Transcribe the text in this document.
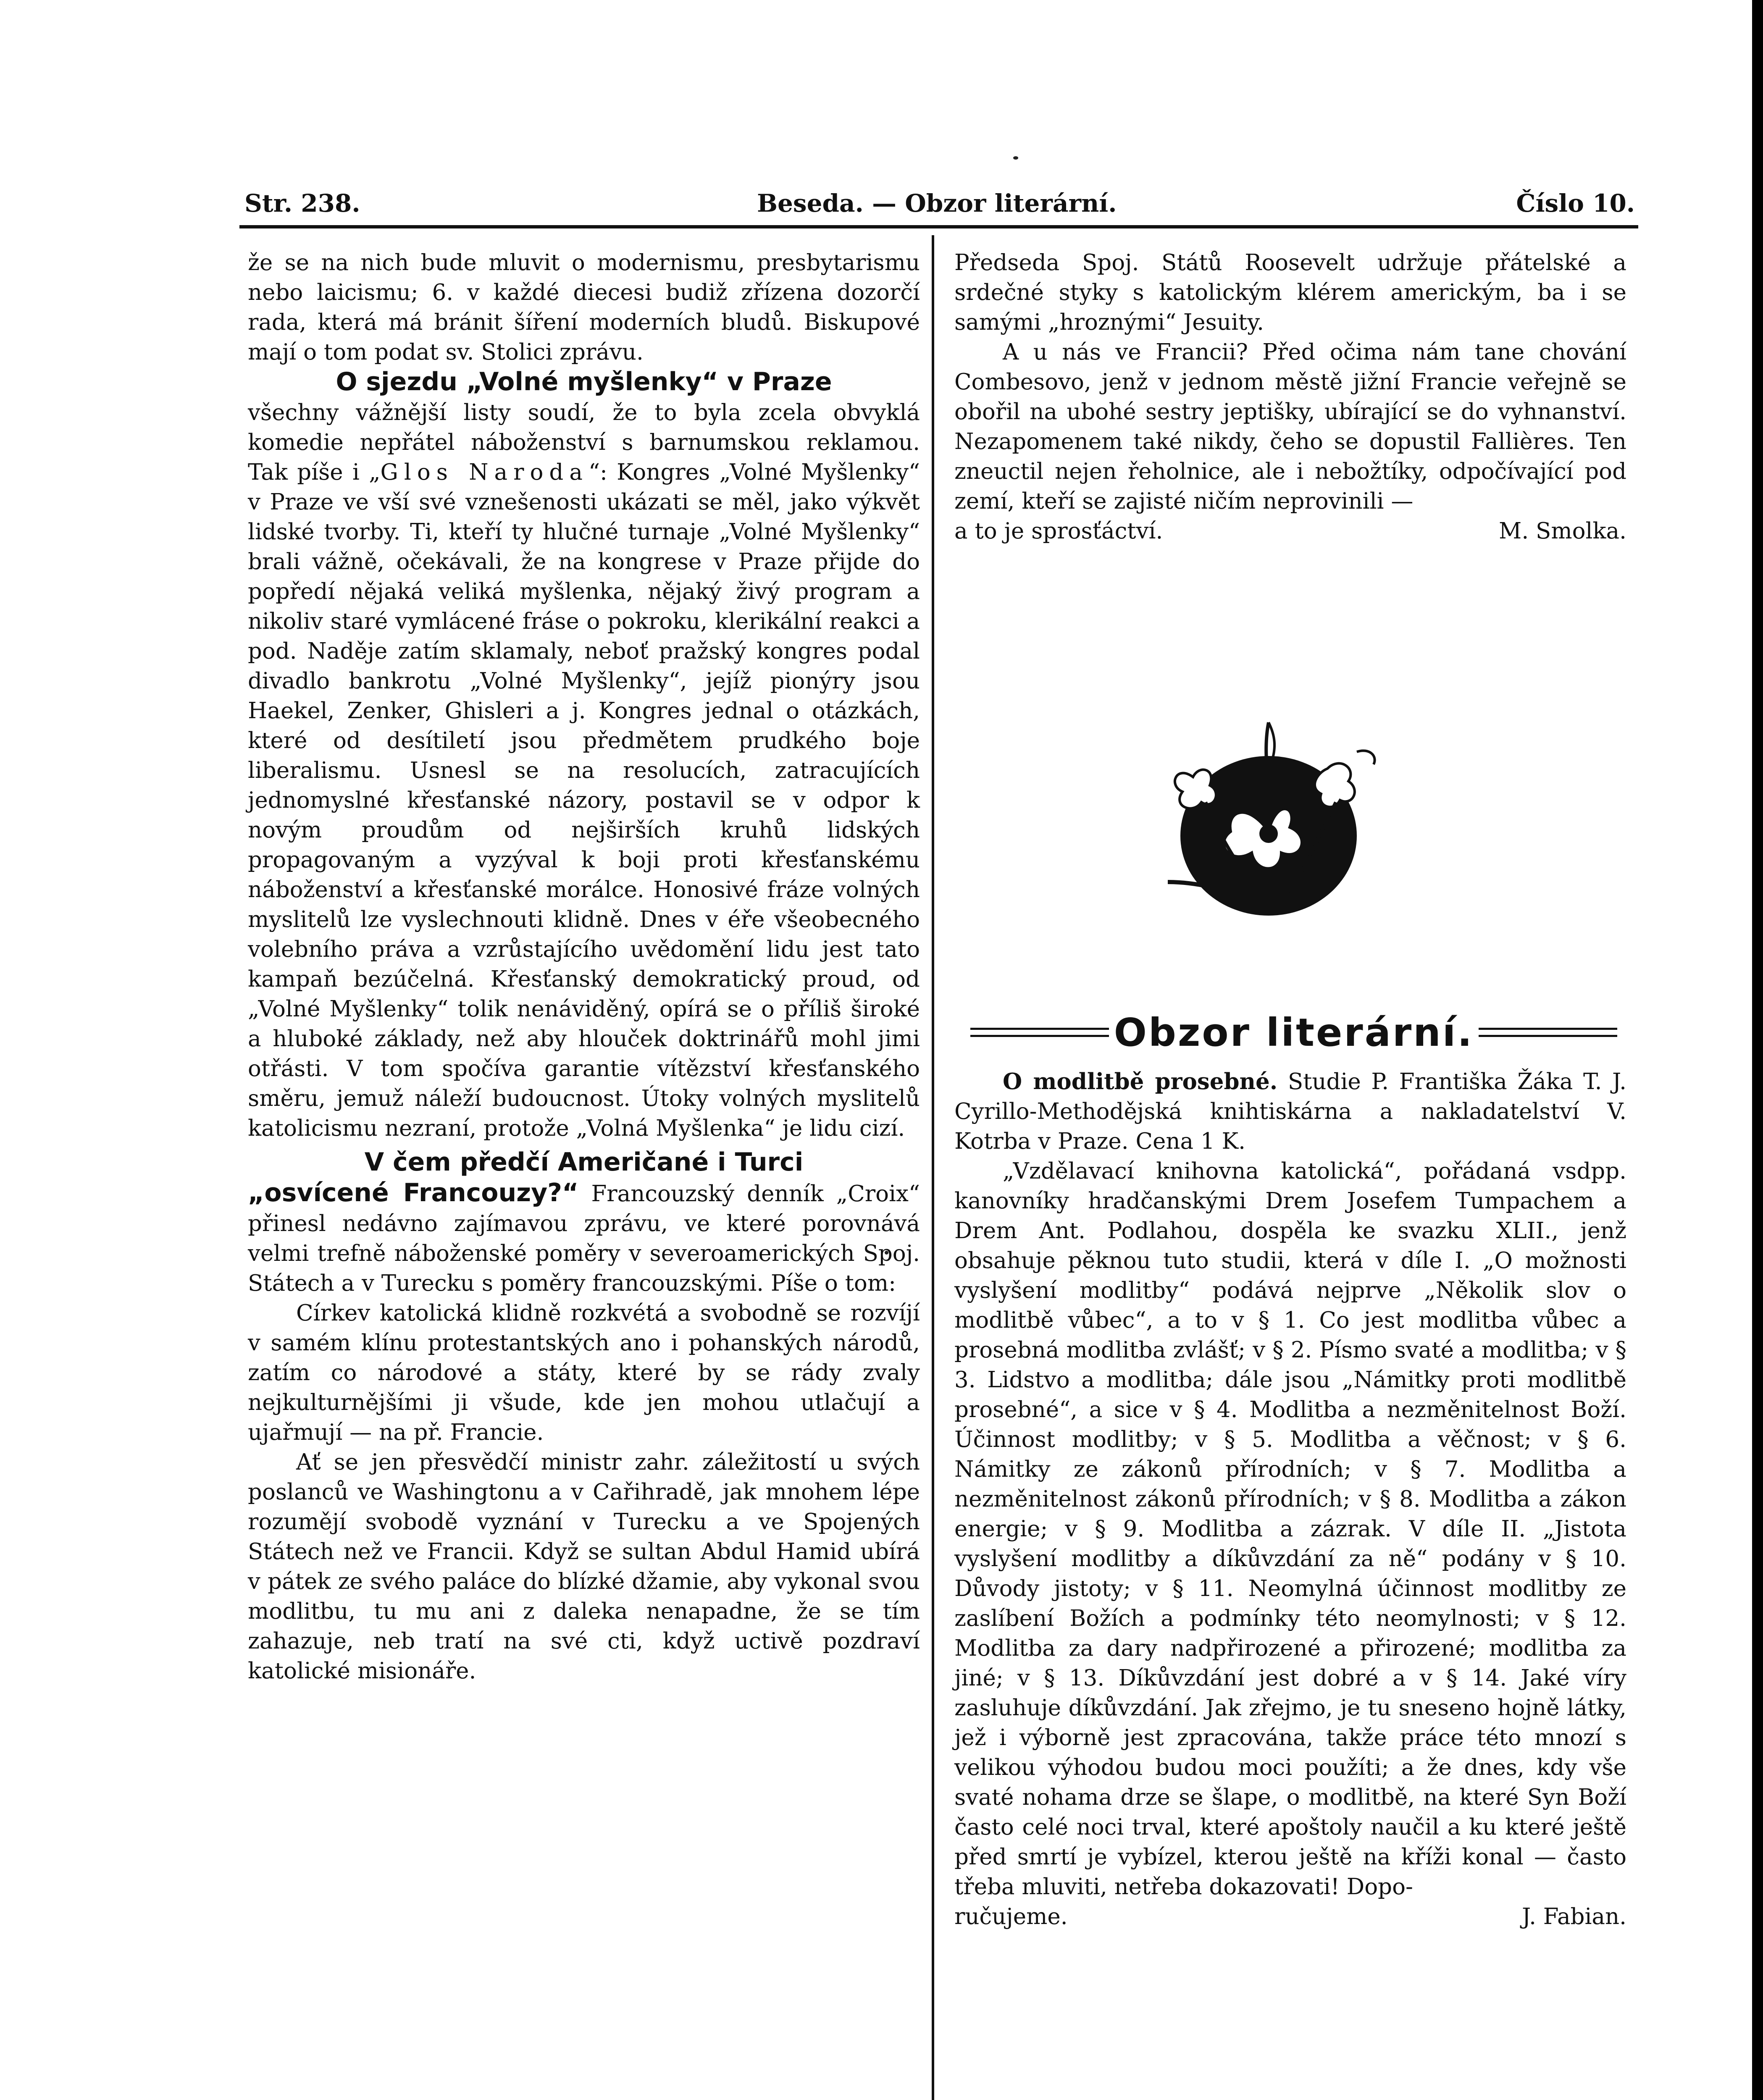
Str. 238.	Beseda. — Obzor literární.	Číslo 10.

že se na nich bude mluvit o modernismu, presbytarismu nebo laicismu; 6. v každé diecesi budiž zřízena dozorčí rada, která má bránit šíření moderních bludů. Biskupové mají o tom podat sv. Stolici zprávu.

O sjezdu „Volné myšlenky“ v Praze

všechny vážnější listy soudí, že to byla zcela obvyklá komedie nepřátel náboženství s barnumskou reklamou. Tak píše i „Glos Naroda“: Kongres „Volné Myšlenky“ v Praze ve vší své vznešenosti ukázati se měl, jako výkvět lidské tvorby. Ti, kteří ty hlučné turnaje „Volné Myšlenky“ brali vážně, očekávali, že na kongrese v Praze přijde do popředí nějaká veliká myšlenka, nějaký živý program a nikoliv staré vymlácené fráse o pokroku, klerikální reakci a pod. Naděje zatím sklamaly, neboť pražský kongres podal divadlo bankrotu „Volné Myšlenky“, jejíž pionýry jsou Haekel, Zenker, Ghisleri a j. Kongres jednal o otázkách, které od desítiletí jsou předmětem prudkého boje liberalismu. Usnesl se na resolucích, zatracujících jednomyslné křesťanské názory, postavil se v odpor k novým proudům od nejširších kruhů lidských propagovaným a vyzýval k boji proti křesťanskému náboženství a křesťanské morálce. Honosivé fráze volných myslitelů lze vyslechnouti klidně. Dnes v éře všeobecného volebního práva a vzrůstajícího uvědomění lidu jest tato kampaň bezúčelná. Křesťanský demokratický proud, od „Volné Myšlenky“ tolik nenáviděný, opírá se o příliš široké a hluboké základy, než aby hlouček doktrinářů mohl jimi otřásti. V tom spočíva garantie vítězství křesťanského směru, jemuž náleží budoucnost. Útoky volných myslitelů katolicismu nezraní, protože „Volná Myšlenka“ je lidu cizí.

V čem předčí Američané i Turci

„osvícené Francouzy?“ Francouzský denník „Croix“ přinesl nedávno zajímavou zprávu, ve které porovnává velmi trefně náboženské poměry v severoamerických Spoj. Státech a v Turecku s poměry francouzskými. Píše o tom:

Církev katolická klidně rozkvétá a svobodně se rozvíjí v samém klínu protestantských ano i pohanských národů, zatím co národové a státy, které by se rády zvaly nejkulturnějšími ji všude, kde jen mohou utlačují a ujařmují — na př. Francie.

Ať se jen přesvědčí ministr zahr. záležitostí u svých poslanců ve Washingtonu a v Cařihradě, jak mnohem lépe rozumějí svobodě vyznání v Turecku a ve Spojených Státech než ve Francii. Když se sultan Abdul Hamid ubírá v pátek ze svého paláce do blízké džamie, aby vykonal svou modlitbu, tu mu ani z daleka nenapadne, že se tím zahazuje, neb tratí na své cti, když uctivě pozdraví katolické misionáře.

Předseda Spoj. Států Roosevelt udržuje přátelské a srdečné styky s katolickým klérem americkým, ba i se samými „hroznými“ Jesuity.

A u nás ve Francii? Před očima nám tane chování Combesovo, jenž v jednom městě jižní Francie veřejně se obořil na ubohé sestry jeptišky, ubírající se do vyhnanství. Nezapomenem také nikdy, čeho se dopustil Fallières. Ten zneuctil nejen řeholnice, ale i nebožtíky, odpočívající pod zemí, kteří se zajisté ničím neprovinili —

a to je sprosťáctví.	M. Smolka.

Obzor literární.

O modlitbě prosebné. Studie P. Františka Žáka T. J. Cyrillo-Methodějská knihtiskárna a nakladatelství V. Kotrba v Praze. Cena 1 K.

„Vzdělavací knihovna katolická“, pořádaná vsdpp. kanovníky hradčanskými Drem Josefem Tumpachem a Drem Ant. Podlahou, dospěla ke svazku XLII., jenž obsahuje pěknou tuto studii, která v díle I. „O možnosti vyslyšení modlitby“ podává nejprve „Několik slov o modlitbě vůbec“, a to v § 1. Co jest modlitba vůbec a prosebná modlitba zvlášť; v § 2. Písmo svaté a modlitba; v § 3. Lidstvo a modlitba; dále jsou „Námitky proti modlitbě prosebné“, a sice v § 4. Modlitba a nezměnitelnost Boží. Účinnost modlitby; v § 5. Modlitba a věčnost; v § 6. Námitky ze zákonů přírodních; v § 7. Modlitba a nezměnitelnost zákonů přírodních; v § 8. Modlitba a zákon energie; v § 9. Modlitba a zázrak. V díle II. „Jistota vyslyšení modlitby a díkůvzdání za ně“ podány v § 10. Důvody jistoty; v § 11. Neomylná účinnost modlitby ze zaslíbení Božích a podmínky této neomylnosti; v § 12. Modlitba za dary nadpřirozené a přirozené; modlitba za jiné; v § 13. Díkůvzdání jest dobré a v § 14. Jaké víry zasluhuje díkůvzdání. Jak zřejmo, je tu sneseno hojně látky, jež i výborně jest zpracována, takže práce této mnozí s velikou výhodou budou moci použíti; a že dnes, kdy vše svaté nohama drze se šlape, o modlitbě, na které Syn Boží často celé noci trval, které apoštoly naučil a ku které ještě před smrtí je vybízel, kterou ještě na kříži konal — často třeba mluviti, netřeba dokazovati! Dopo-

ručujeme.	J. Fabian.
